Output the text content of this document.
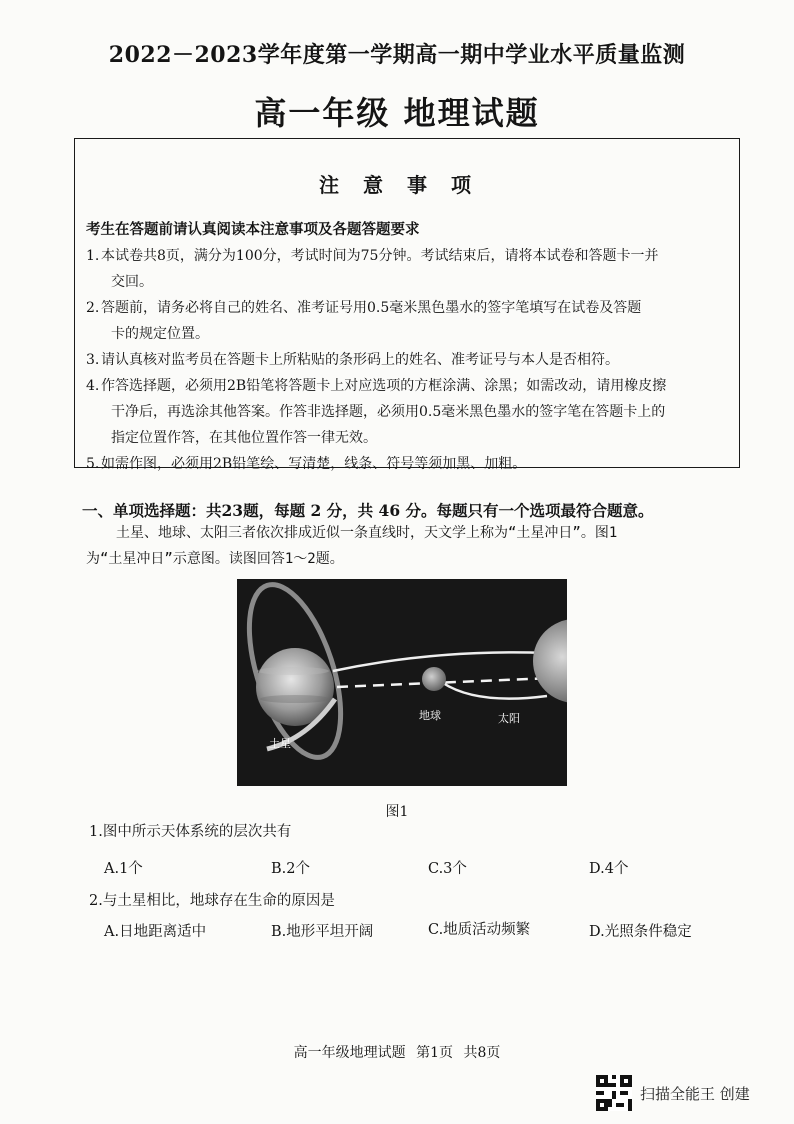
2022－2023学年度第一学期高一期中学业水平质量监测
高一年级 地理试题
注意事项
考生在答题前请认真阅读本注意事项及各题答题要求
1. 本试卷共8页，满分为100分，考试时间为75分钟。考试结束后，请将本试卷和答题卡一并
交回。
2. 答题前，请务必将自己的姓名、准考证号用0.5毫米黑色墨水的签字笔填写在试卷及答题
卡的规定位置。
3. 请认真核对监考员在答题卡上所粘贴的条形码上的姓名、准考证号与本人是否相符。
4. 作答选择题，必须用2B铅笔将答题卡上对应选项的方框涂满、涂黑；如需改动，请用橡皮擦
干净后，再选涂其他答案。作答非选择题，必须用0.5毫米黑色墨水的签字笔在答题卡上的
指定位置作答，在其他位置作答一律无效。
5. 如需作图，必须用2B铅笔绘、写清楚，线条、符号等须加黑、加粗。
一、单项选择题：共23题，每题 2 分，共 46 分。每题只有一个选项最符合题意。
土星、地球、太阳三者依次排成近似一条直线时，天文学上称为“土星冲日”。图1
为“土星冲日”示意图。读图回答1～2题。
土星
地球	太阳
图1
1.图中所示天体系统的层次共有
A.1个	B.2个	C.3个	D.4个
2.与土星相比，地球存在生命的原因是
A.日地距离适中	B.地形平坦开阔	C.地质活动频繁	D.光照条件稳定
高一年级地理试题 第1页 共8页
扫描全能王 创建
